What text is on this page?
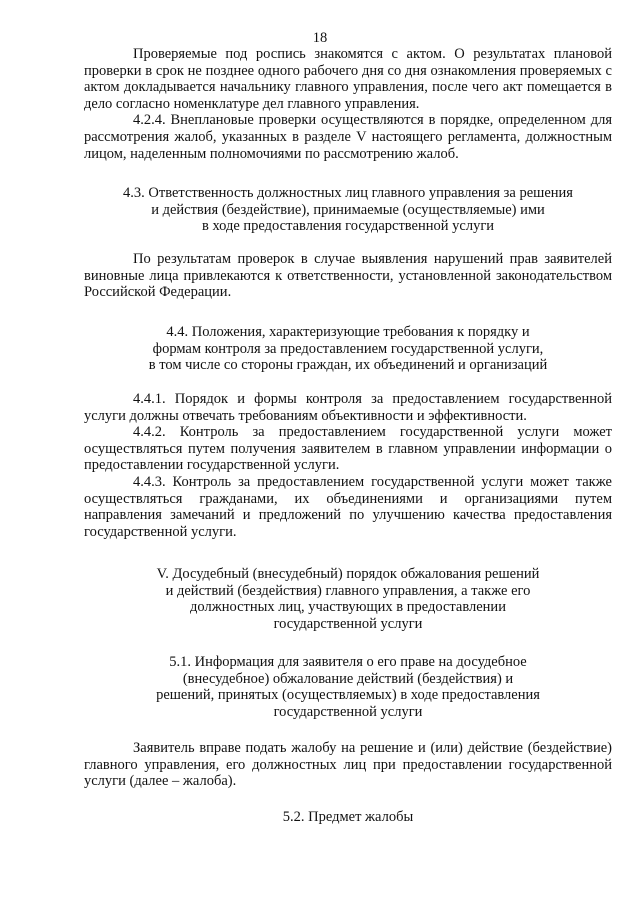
18

Проверяемые под роспись знакомятся с актом. О результатах плановой проверки в срок не позднее одного рабочего дня со дня ознакомления проверяемых с актом докладывается начальнику главного управления, после чего акт помещается в дело согласно номенклатуре дел главного управления.

4.2.4. Внеплановые проверки осуществляются в порядке, определенном для рассмотрения жалоб, указанных в разделе V настоящего регламента, должностным лицом, наделенным полномочиями по рассмотрению жалоб.

4.3. Ответственность должностных лиц главного управления за решения
и действия (бездействие), принимаемые (осуществляемые) ими
в ходе предоставления государственной услуги

По результатам проверок в случае выявления нарушений прав заявителей виновные лица привлекаются к ответственности, установленной законодательством Российской Федерации.

4.4. Положения, характеризующие требования к порядку и
формам контроля за предоставлением государственной услуги,
в том числе со стороны граждан, их объединений и организаций

4.4.1. Порядок и формы контроля за предоставлением государственной услуги должны отвечать требованиям объективности и эффективности.

4.4.2. Контроль за предоставлением государственной услуги может осуществляться путем получения заявителем в главном управлении информации о предоставлении государственной услуги.

4.4.3. Контроль за предоставлением государственной услуги может также осуществляться гражданами, их объединениями и организациями путем направления замечаний и предложений по улучшению качества предоставления государственной услуги.

V. Досудебный (внесудебный) порядок обжалования решений
и действий (бездействия) главного управления, а также его
должностных лиц, участвующих в предоставлении
государственной услуги
5.1. Информация для заявителя о его праве на досудебное
(внесудебное) обжалование действий (бездействия) и
решений, принятых (осуществляемых) в ходе предоставления
государственной услуги

Заявитель вправе подать жалобу на решение и (или) действие (бездействие) главного управления, его должностных лиц при предоставлении государственной услуги (далее – жалоба).

5.2. Предмет жалобы
